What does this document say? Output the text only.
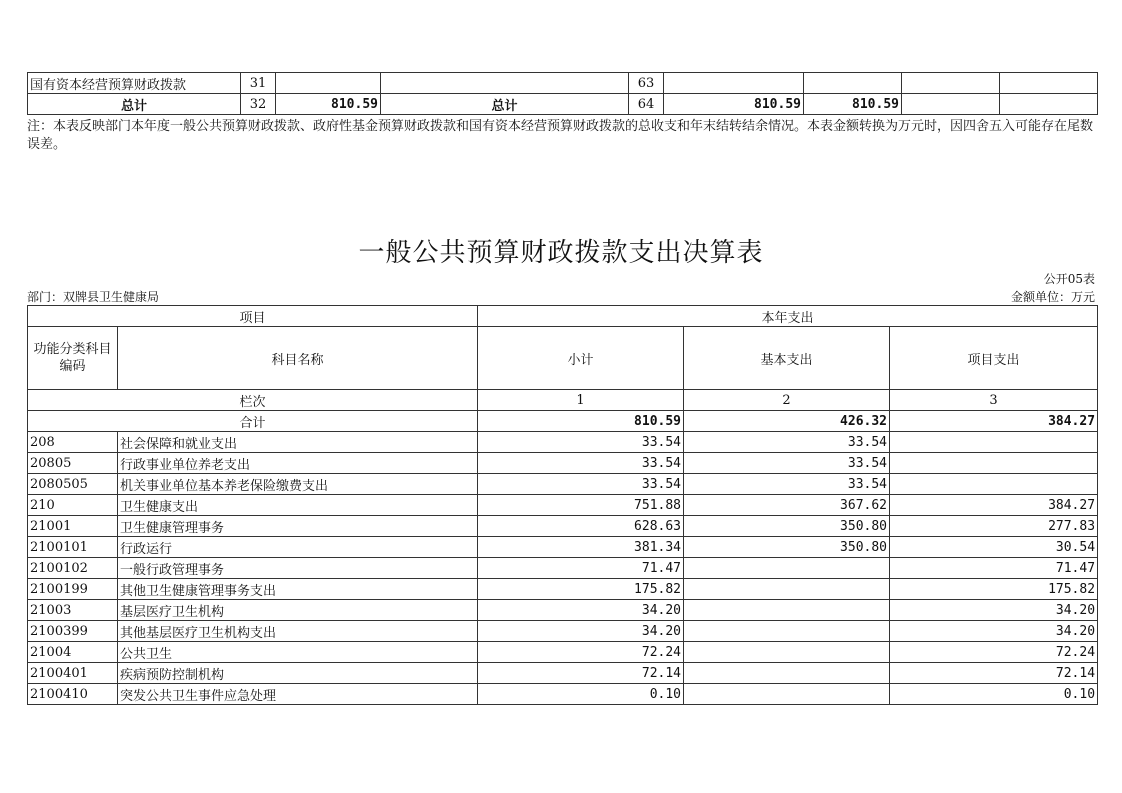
国有资本经营预算财政拨款	31			63				
总计	32	810.59	总计	64	810.59	810.59		
注：本表反映部门本年度一般公共预算财政拨款、政府性基金预算财政拨款和国有资本经营预算财政拨款的总收支和年末结转结余情况。本表金额转换为万元时，因四舍五入可能存在尾数误差。
一般公共预算财政拨款支出决算表
公开05表
部门：双牌县卫生健康局	金额单位：万元
项目		本年支出		
功能分类科目编码	科目名称	小计	基本支出	项目支出
栏次		1	2	3
合计		810.59	426.32	384.27
208	社会保障和就业支出	33.54	33.54	
20805	行政事业单位养老支出	33.54	33.54	
2080505	机关事业单位基本养老保险缴费支出	33.54	33.54	
210	卫生健康支出	751.88	367.62	384.27
21001	卫生健康管理事务	628.63	350.80	277.83
2100101	行政运行	381.34	350.80	30.54
2100102	一般行政管理事务	71.47		71.47
2100199	其他卫生健康管理事务支出	175.82		175.82
21003	基层医疗卫生机构	34.20		34.20
2100399	其他基层医疗卫生机构支出	34.20		34.20
21004	公共卫生	72.24		72.24
2100401	疾病预防控制机构	72.14		72.14
2100410	突发公共卫生事件应急处理	0.10		0.10
